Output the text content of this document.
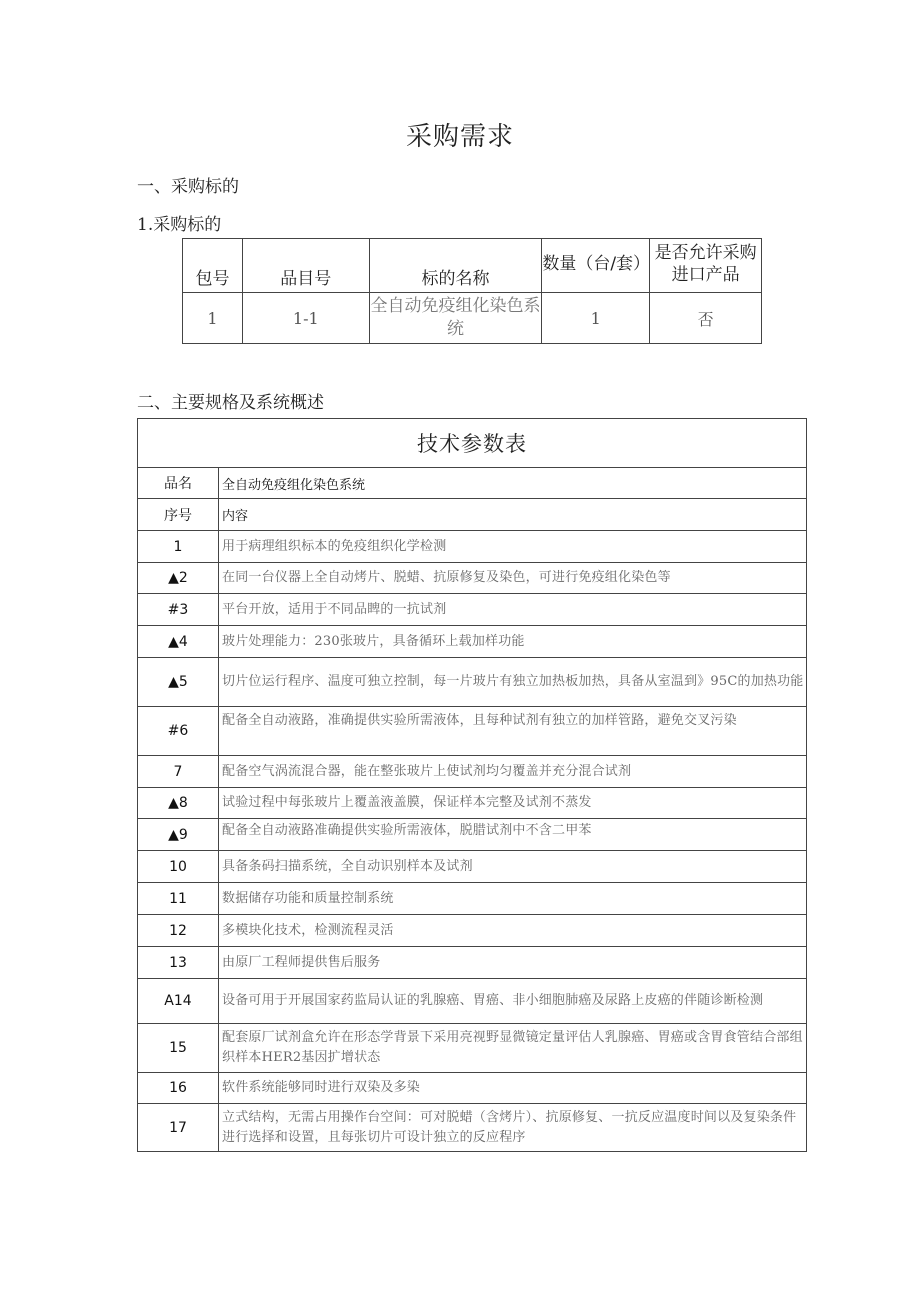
采购需求
一、采购标的
1.采购标的
包号	品目号	标的名称	数量（台/套）	是否允许采购进口产品
1	1-1	全自动免疫组化染色系统	1	否
二、主要规格及系统概述
技术参数表	
品名	全自动免疫组化染色系统
序号	内容
1	用于病理组织标本的免疫组织化学检测
▲2	在同一台仪器上全自动烤片、脱蜡、抗原修复及染色，可进行免疫组化染色等
#3	平台开放，适用于不同品睥的一抗试剂
▲4	玻片处理能力：230张玻片，具备循环上载加样功能
▲5	切片位运行程序、温度可独立控制，每一片玻片有独立加热板加热，具备从室温到》95C的加热功能
#6	配备全自动液路，准确提供实验所需液体，且每种试剂有独立的加样管路，避免交叉污染
7	配备空气涡流混合器，能在整张玻片上使试剂均匀覆盖并充分混合试剂
▲8	试验过程中每张玻片上覆盖液盖膜，保证样本完整及试剂不蒸发
▲9	配备全自动液路准确提供实验所需液体，脱腊试剂中不含二甲苯
10	具备条码扫描系统，全自动识别样本及试剂
11	数据储存功能和质量控制系统
12	多模块化技术，检测流程灵活
13	由原厂工程师提供售后服务
A14	设备可用于开展国家药监局认证的乳腺癌、胃癌、非小细胞肺癌及尿路上皮癌的伴随诊断检测
15	配套原厂试剂盒允许在形态学背景下采用亮视野显微镜定量评估人乳腺癌、胃癌或含胃食管结合部组织样本HER2基因扩增状态
16	软件系统能够同时进行双染及多染
17	立式结构，无需占用操作台空间：可对脱蜡（含烤片）、抗原修复、一抗反应温度时间以及复染条件进行选择和设置，且每张切片可设计独立的反应程序
